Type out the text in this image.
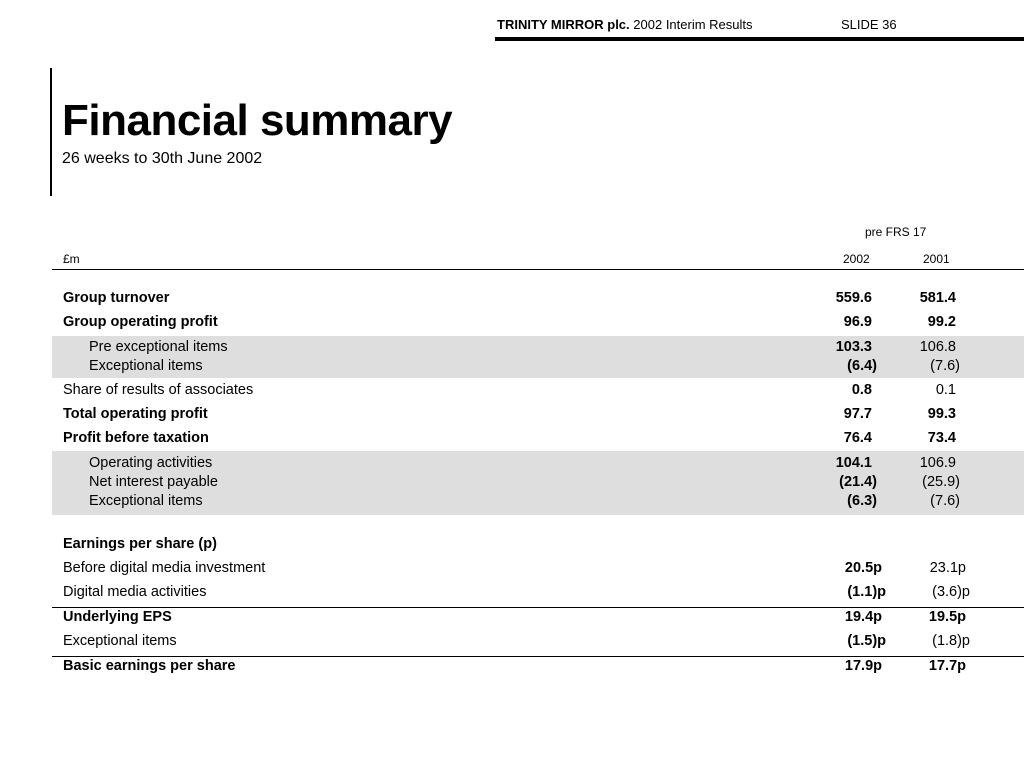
TRINITY MIRROR plc. 2002 Interim Results	SLIDE 36
Financial summary
26 weeks to 30th June 2002
pre FRS 17
£m	2002	2001
Group turnover	559.6	581.4
Group operating profit	96.9	99.2
Pre exceptional items	103.3	106.8
Exceptional items	(6.4)	(7.6)
Share of results of associates	0.8	0.1
Total operating profit	97.7	99.3
Profit before taxation	76.4	73.4
Operating activities	104.1	106.9
Net interest payable	(21.4)	(25.9)
Exceptional items	(6.3)	(7.6)
Earnings per share (p)
Before digital media investment	20.5p	23.1p
Digital media activities	(1.1)p	(3.6)p
Underlying EPS	19.4p	19.5p
Exceptional items	(1.5)p	(1.8)p
Basic earnings per share	17.9p	17.7p
